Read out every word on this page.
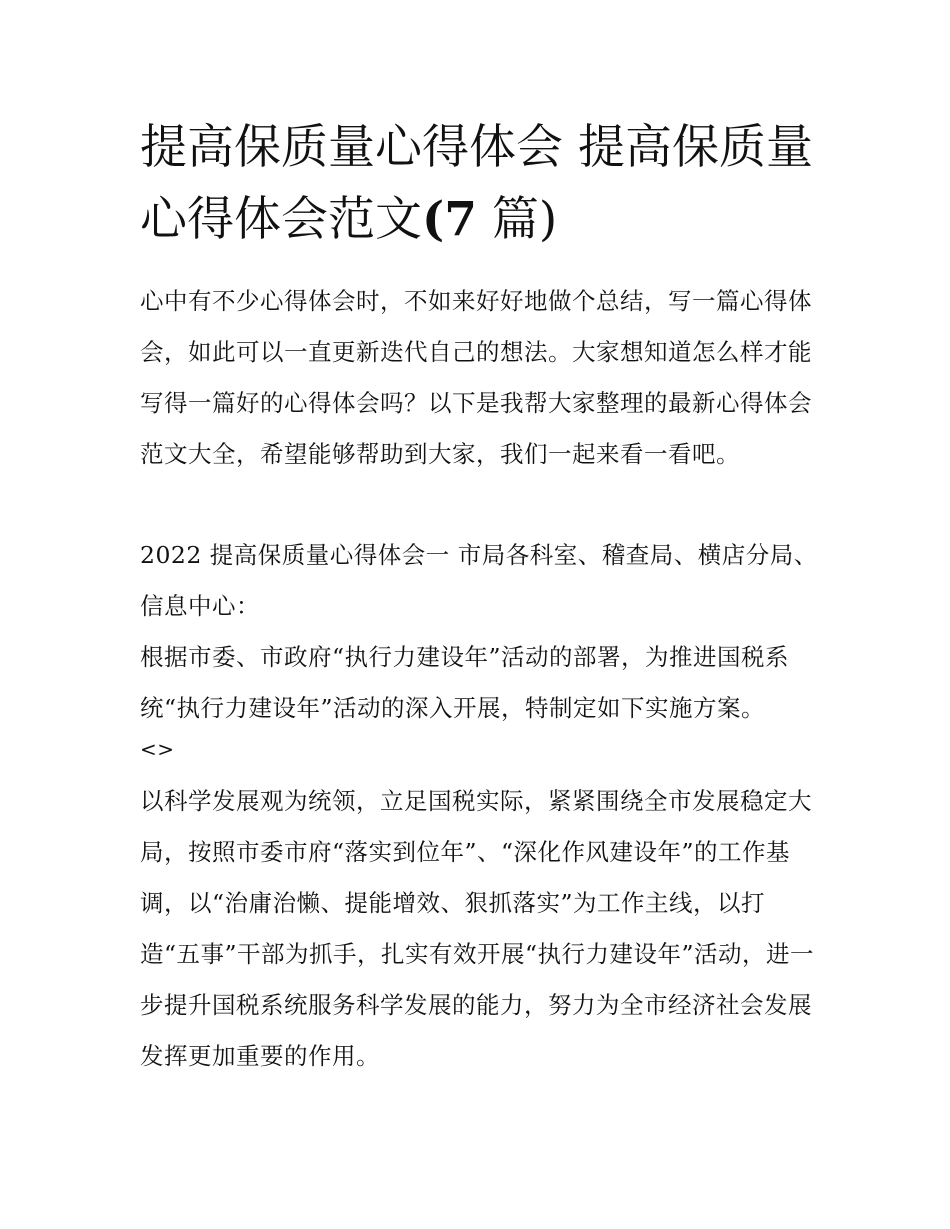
提高保质量心得体会 提高保质量心得体会范文(7 篇)

心中有不少心得体会时，不如来好好地做个总结，写一篇心得体会，如此可以一直更新迭代自己的想法。大家想知道怎么样才能写得一篇好的心得体会吗？以下是我帮大家整理的最新心得体会范文大全，希望能够帮助到大家，我们一起来看一看吧。

2022 提高保质量心得体会一 市局各科室、稽查局、横店分局、信息中心：

根据市委、市政府“执行力建设年”活动的部署，为推进国税系统“执行力建设年”活动的深入开展，特制定如下实施方案。

<>

以科学发展观为统领，立足国税实际，紧紧围绕全市发展稳定大局，按照市委市府“落实到位年”、“深化作风建设年”的工作基调，以“治庸治懒、提能增效、狠抓落实”为工作主线，以打造“五事”干部为抓手，扎实有效开展“执行力建设年”活动，进一步提升国税系统服务科学发展的能力，努力为全市经济社会发展发挥更加重要的作用。
